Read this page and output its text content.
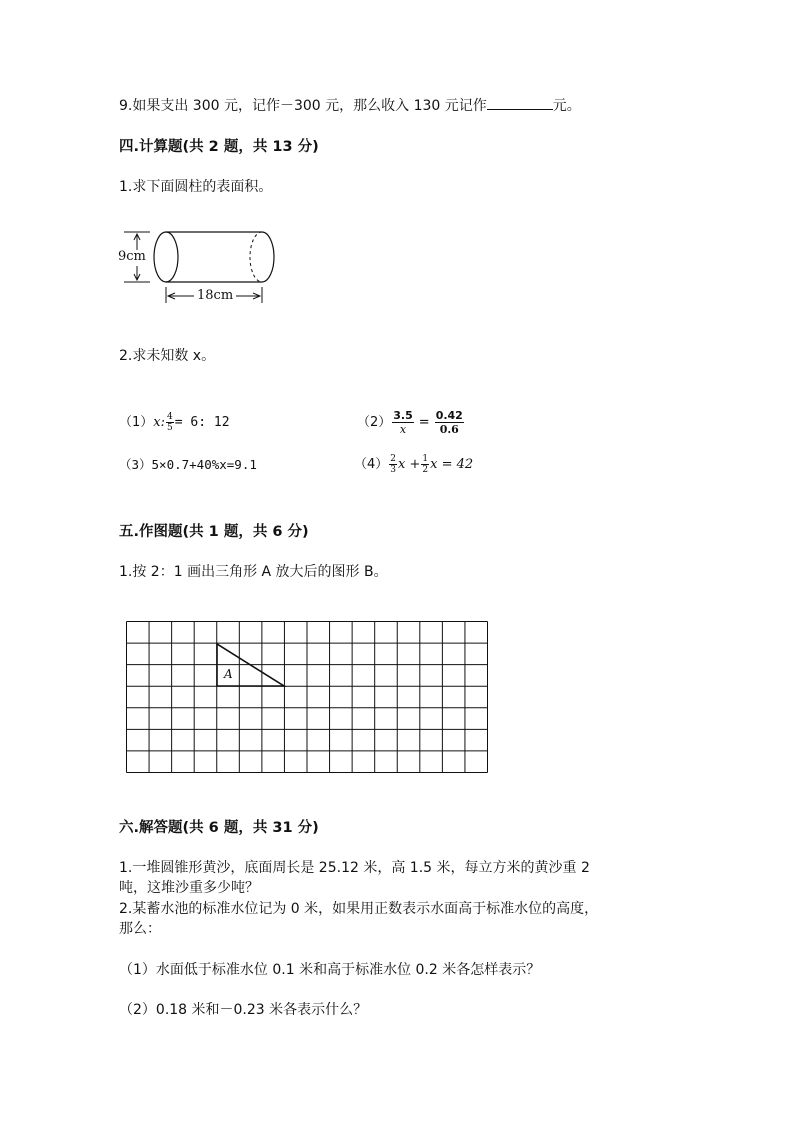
9.如果支出 300 元，记作－300 元，那么收入 130 元记作	元。
四.计算题(共 2 题，共 13 分)
1.求下面圆柱的表面积。
9cm
18cm
2.求未知数 x。
（1）x: $\frac{4}{5} = 6$: 12	$(2) \frac{3.5}{x} = \frac{0.42}{0.6}$
（3）5×0.7+40%x=9.1	$(4) \frac{2}{3}$ $x + \frac{1}{2}$ x = 42
五.作图题(共 1 题，共 6 分)
1.按 2：1 画出三角形 A 放大后的图形 B。
A
六.解答题(共 6 题，共 31 分)
1.一堆圆锥形黄沙，底面周长是 25.12 米，高 1.5 米，每立方米的黄沙重 2
吨，这堆沙重多少吨？
2.某蓄水池的标准水位记为 0 米，如果用正数表示水面高于标准水位的高度，
那么：
（1）水面低于标准水位 0.1 米和高于标准水位 0.2 米各怎样表示？
（2）0.18 米和－0.23 米各表示什么？
